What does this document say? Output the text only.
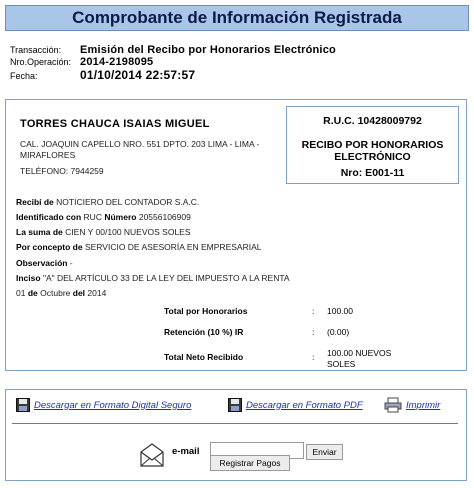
Comprobante de Información Registrada
Transacción:	Emisión del Recibo por Honorarios Electrónico
Nro.Operación: 2014-2198095
Fecha:	01/10/2014 22:57:57
TORRES CHAUCA ISAIAS MIGUEL
CAL. JOAQUIN CAPELLO NRO. 551 DPTO. 203 LIMA - LIMA - MIRAFLORES
TELÉFONO: 7944259
R.U.C. 10428009792
RECIBO POR HONORARIOS ELECTRÓNICO
Nro: E001-11
Recibí de NOTICIERO DEL CONTADOR S.A.C.
Identificado con RUC Número 20556106909
La suma de CIEN Y 00/100 NUEVOS SOLES
Por concepto de SERVICIO DE ASESORÍA EN EMPRESARIAL
Observación -
Inciso "A" DEL ARTÍCULO 33 DE LA LEY DEL IMPUESTO A LA RENTA
01 de Octubre del 2014
Total por Honorarios	: 100.00
Retención (10 %) IR	: (0.00)
Total Neto Recibido	: 100.00 NUEVOS SOLES
Descargar en Formato Digital Seguro	Descargar en Formato PDF	Imprimir
e-mail	Enviar
Registrar Pagos
